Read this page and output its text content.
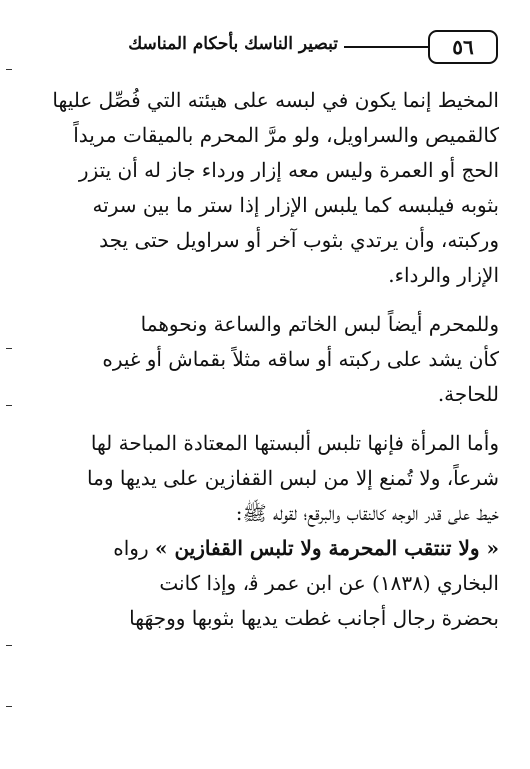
٥٦
تبصير الناسك بأحكام المناسك
المخيط إنما يكون في لبسه على هيئته التي فُصِّل عليها
كالقميص والسراويل، ولو مرَّ المحرم بالميقات مريداً
الحج أو العمرة وليس معه إزار ورداء جاز له أن يتزر
بثوبه فيلبسه كما يلبس الإزار إذا ستر ما بين سرته
وركبته، وأن يرتدي بثوب آخر أو سراويل حتى يجد
الإزار والرداء.
وللمحرم أيضاً لبس الخاتم والساعة ونحوهما
كأن يشد على ركبته أو ساقه مثلاً بقماش أو غيره
للحاجة.
وأما المرأة فإنها تلبس ألبستها المعتادة المباحة لها
شرعاً، ولا تُمنع إلا من لبس القفازين على يديها وما
خيط على قدر الوجه كالنقاب والبرقع؛ لقوله ﷺ:
« ولا تنتقب المحرمة ولا تلبس القفازين » رواه
البخاري (١٨٣٨) عن ابن عمر ﭬ، وإذا كانت
بحضرة رجال أجانب غطت يديها بثوبها ووجهَها
